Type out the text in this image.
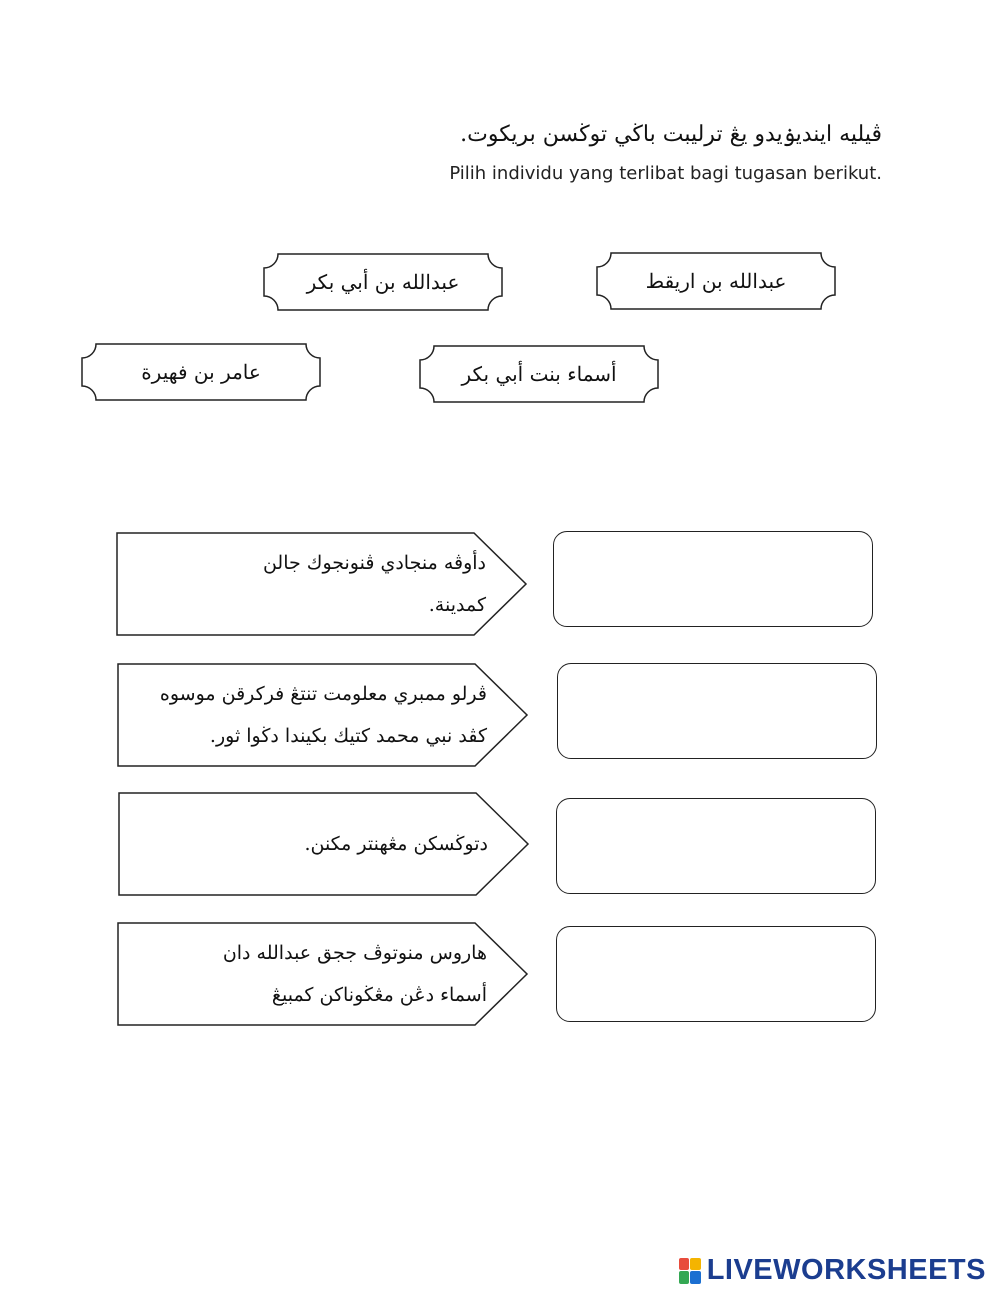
ڤيليه اينديۏيدو يڠ ترليبت باڬي توڬسن بريکوت.
Pilih individu yang terlibat bagi tugasan berikut.
عبدالله بن أبي بكر	عبدالله بن اريقط
عامر بن فهيرة	أسماء بنت أبي بكر
دأوڤه منجادي ڤنونجوك جالن
كمدينة.
ڤرلو ممبري معلومت تنتڠ فرکرقن موسوه
كڤد نبي محمد كتيك بکيندا دڬوا ثور.
دتوڬسکن مڠهنتر مکنن.
هاروس منوتوڤ ججق عبدالله دان
أسماء دڠن مڠڬوناکن كمبيڠ
LIVEWORKSHEETS
